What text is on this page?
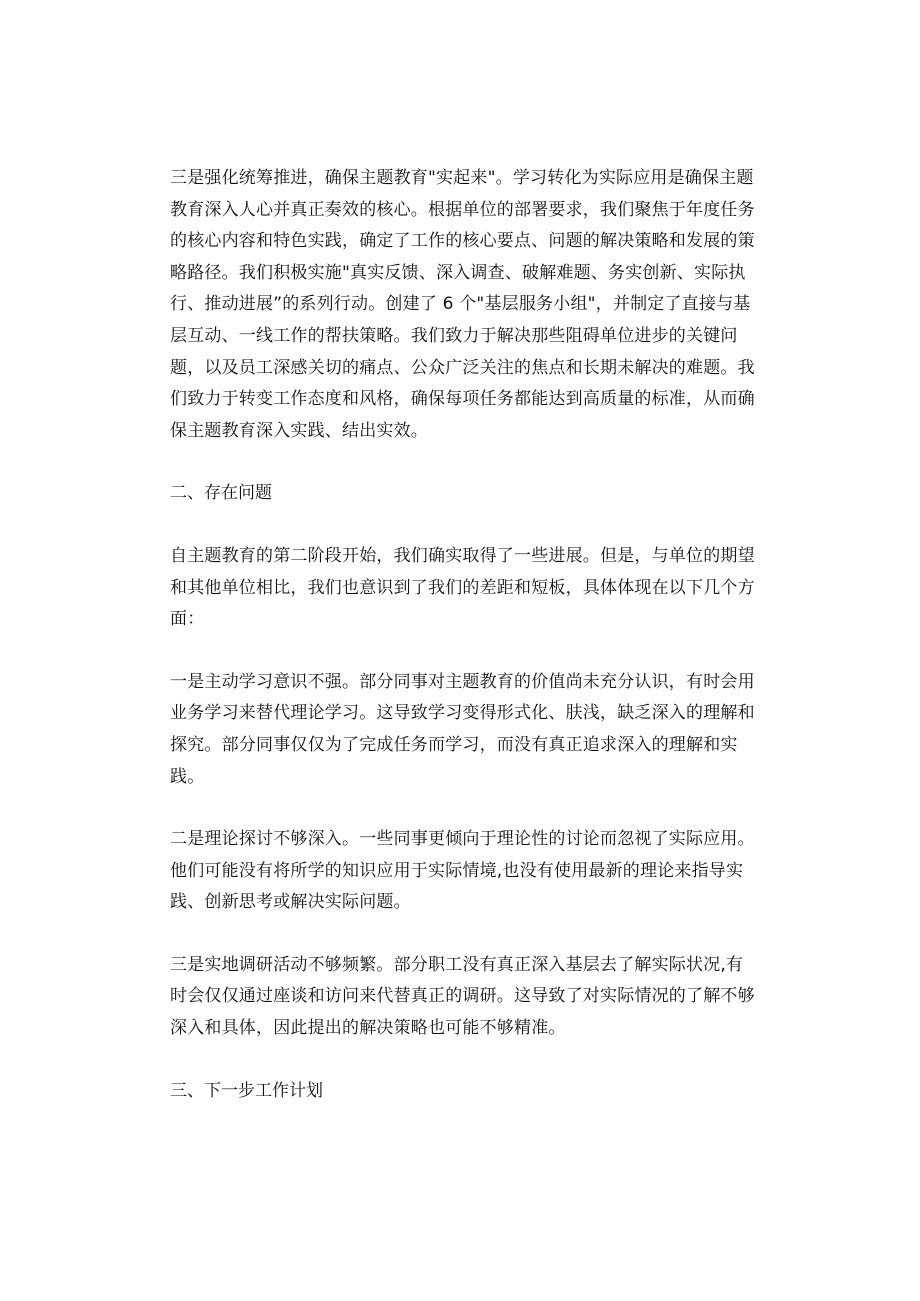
三是强化统筹推进，确保主题教育"实起来"。学习转化为实际应用是确保主题教育深入人心并真正奏效的核心。根据单位的部署要求，我们聚焦于年度任务的核心内容和特色实践，确定了工作的核心要点、问题的解决策略和发展的策略路径。我们积极实施"真实反馈、深入调查、破解难题、务实创新、实际执行、推动进展”的系列行动。创建了 6 个"基层服务小组"，并制定了直接与基层互动、一线工作的帮扶策略。我们致力于解决那些阻碍单位进步的关键问题，以及员工深感关切的痛点、公众广泛关注的焦点和长期未解决的难题。我们致力于转变工作态度和风格，确保每项任务都能达到高质量的标准，从而确保主题教育深入实践、结出实效。

二、存在问题

自主题教育的第二阶段开始，我们确实取得了一些进展。但是，与单位的期望和其他单位相比，我们也意识到了我们的差距和短板，具体体现在以下几个方面：

一是主动学习意识不强。部分同事对主题教育的价值尚未充分认识，有时会用业务学习来替代理论学习。这导致学习变得形式化、肤浅，缺乏深入的理解和探究。部分同事仅仅为了完成任务而学习，而没有真正追求深入的理解和实践。

二是理论探讨不够深入。一些同事更倾向于理论性的讨论而忽视了实际应用。他们可能没有将所学的知识应用于实际情境,也没有使用最新的理论来指导实践、创新思考或解决实际问题。

三是实地调研活动不够频繁。部分职工没有真正深入基层去了解实际状况,有时会仅仅通过座谈和访问来代替真正的调研。这导致了对实际情况的了解不够深入和具体，因此提出的解决策略也可能不够精准。

三、下一步工作计划
